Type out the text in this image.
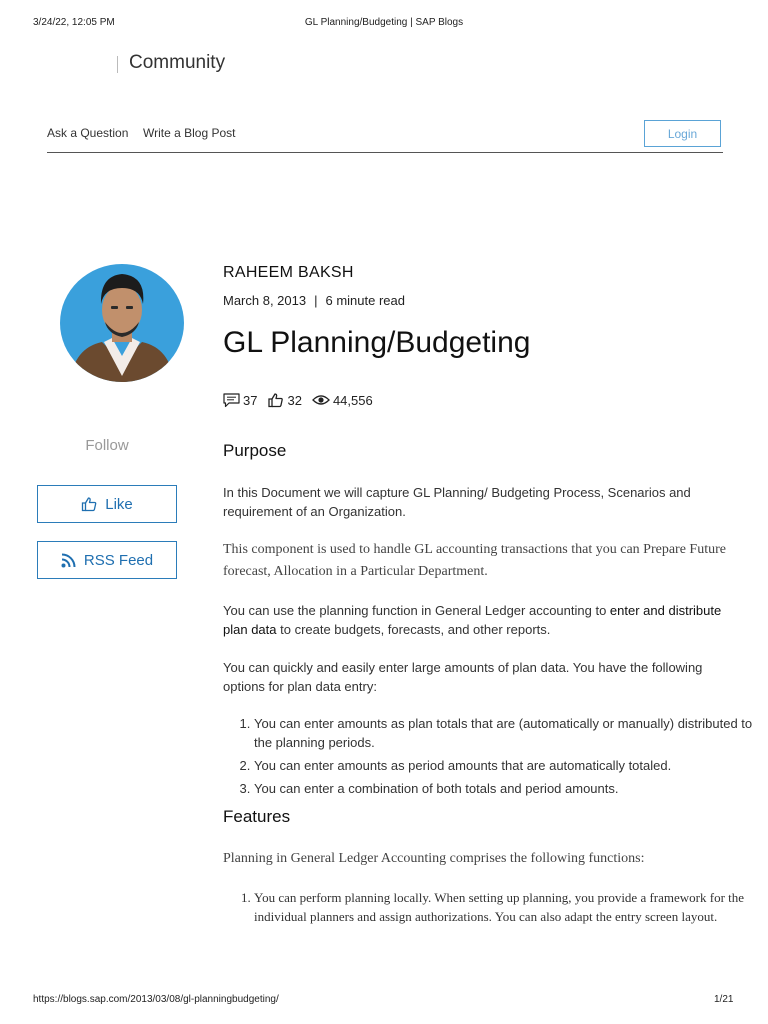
3/24/22, 12:05 PM	GL Planning/Budgeting | SAP Blogs
Community
Ask a Question Write a Blog Post	Login
Follow
Like
RSS Feed
RAHEEM BAKSH
March 8, 2013 | 6 minute read
GL Planning/Budgeting
37 32 44,556
Purpose
In this Document we will capture GL Planning/ Budgeting Process, Scenarios and requirement of an Organization.
This component is used to handle GL accounting transactions that you can Prepare Future forecast, Allocation in a Particular Department.
You can use the planning function in General Ledger accounting to enter and distribute plan data to create budgets, forecasts, and other reports.
You can quickly and easily enter large amounts of plan data. You have the following options for plan data entry:
1. You can enter amounts as plan totals that are (automatically or manually) distributed to the planning periods.
2. You can enter amounts as period amounts that are automatically totaled.
3. You can enter a combination of both totals and period amounts.
Features
Planning in General Ledger Accounting comprises the following functions:
1. You can perform planning locally. When setting up planning, you provide a framework for the individual planners and assign authorizations. You can also adapt the entry screen layout.
https://blogs.sap.com/2013/03/08/gl-planningbudgeting/	1/21
